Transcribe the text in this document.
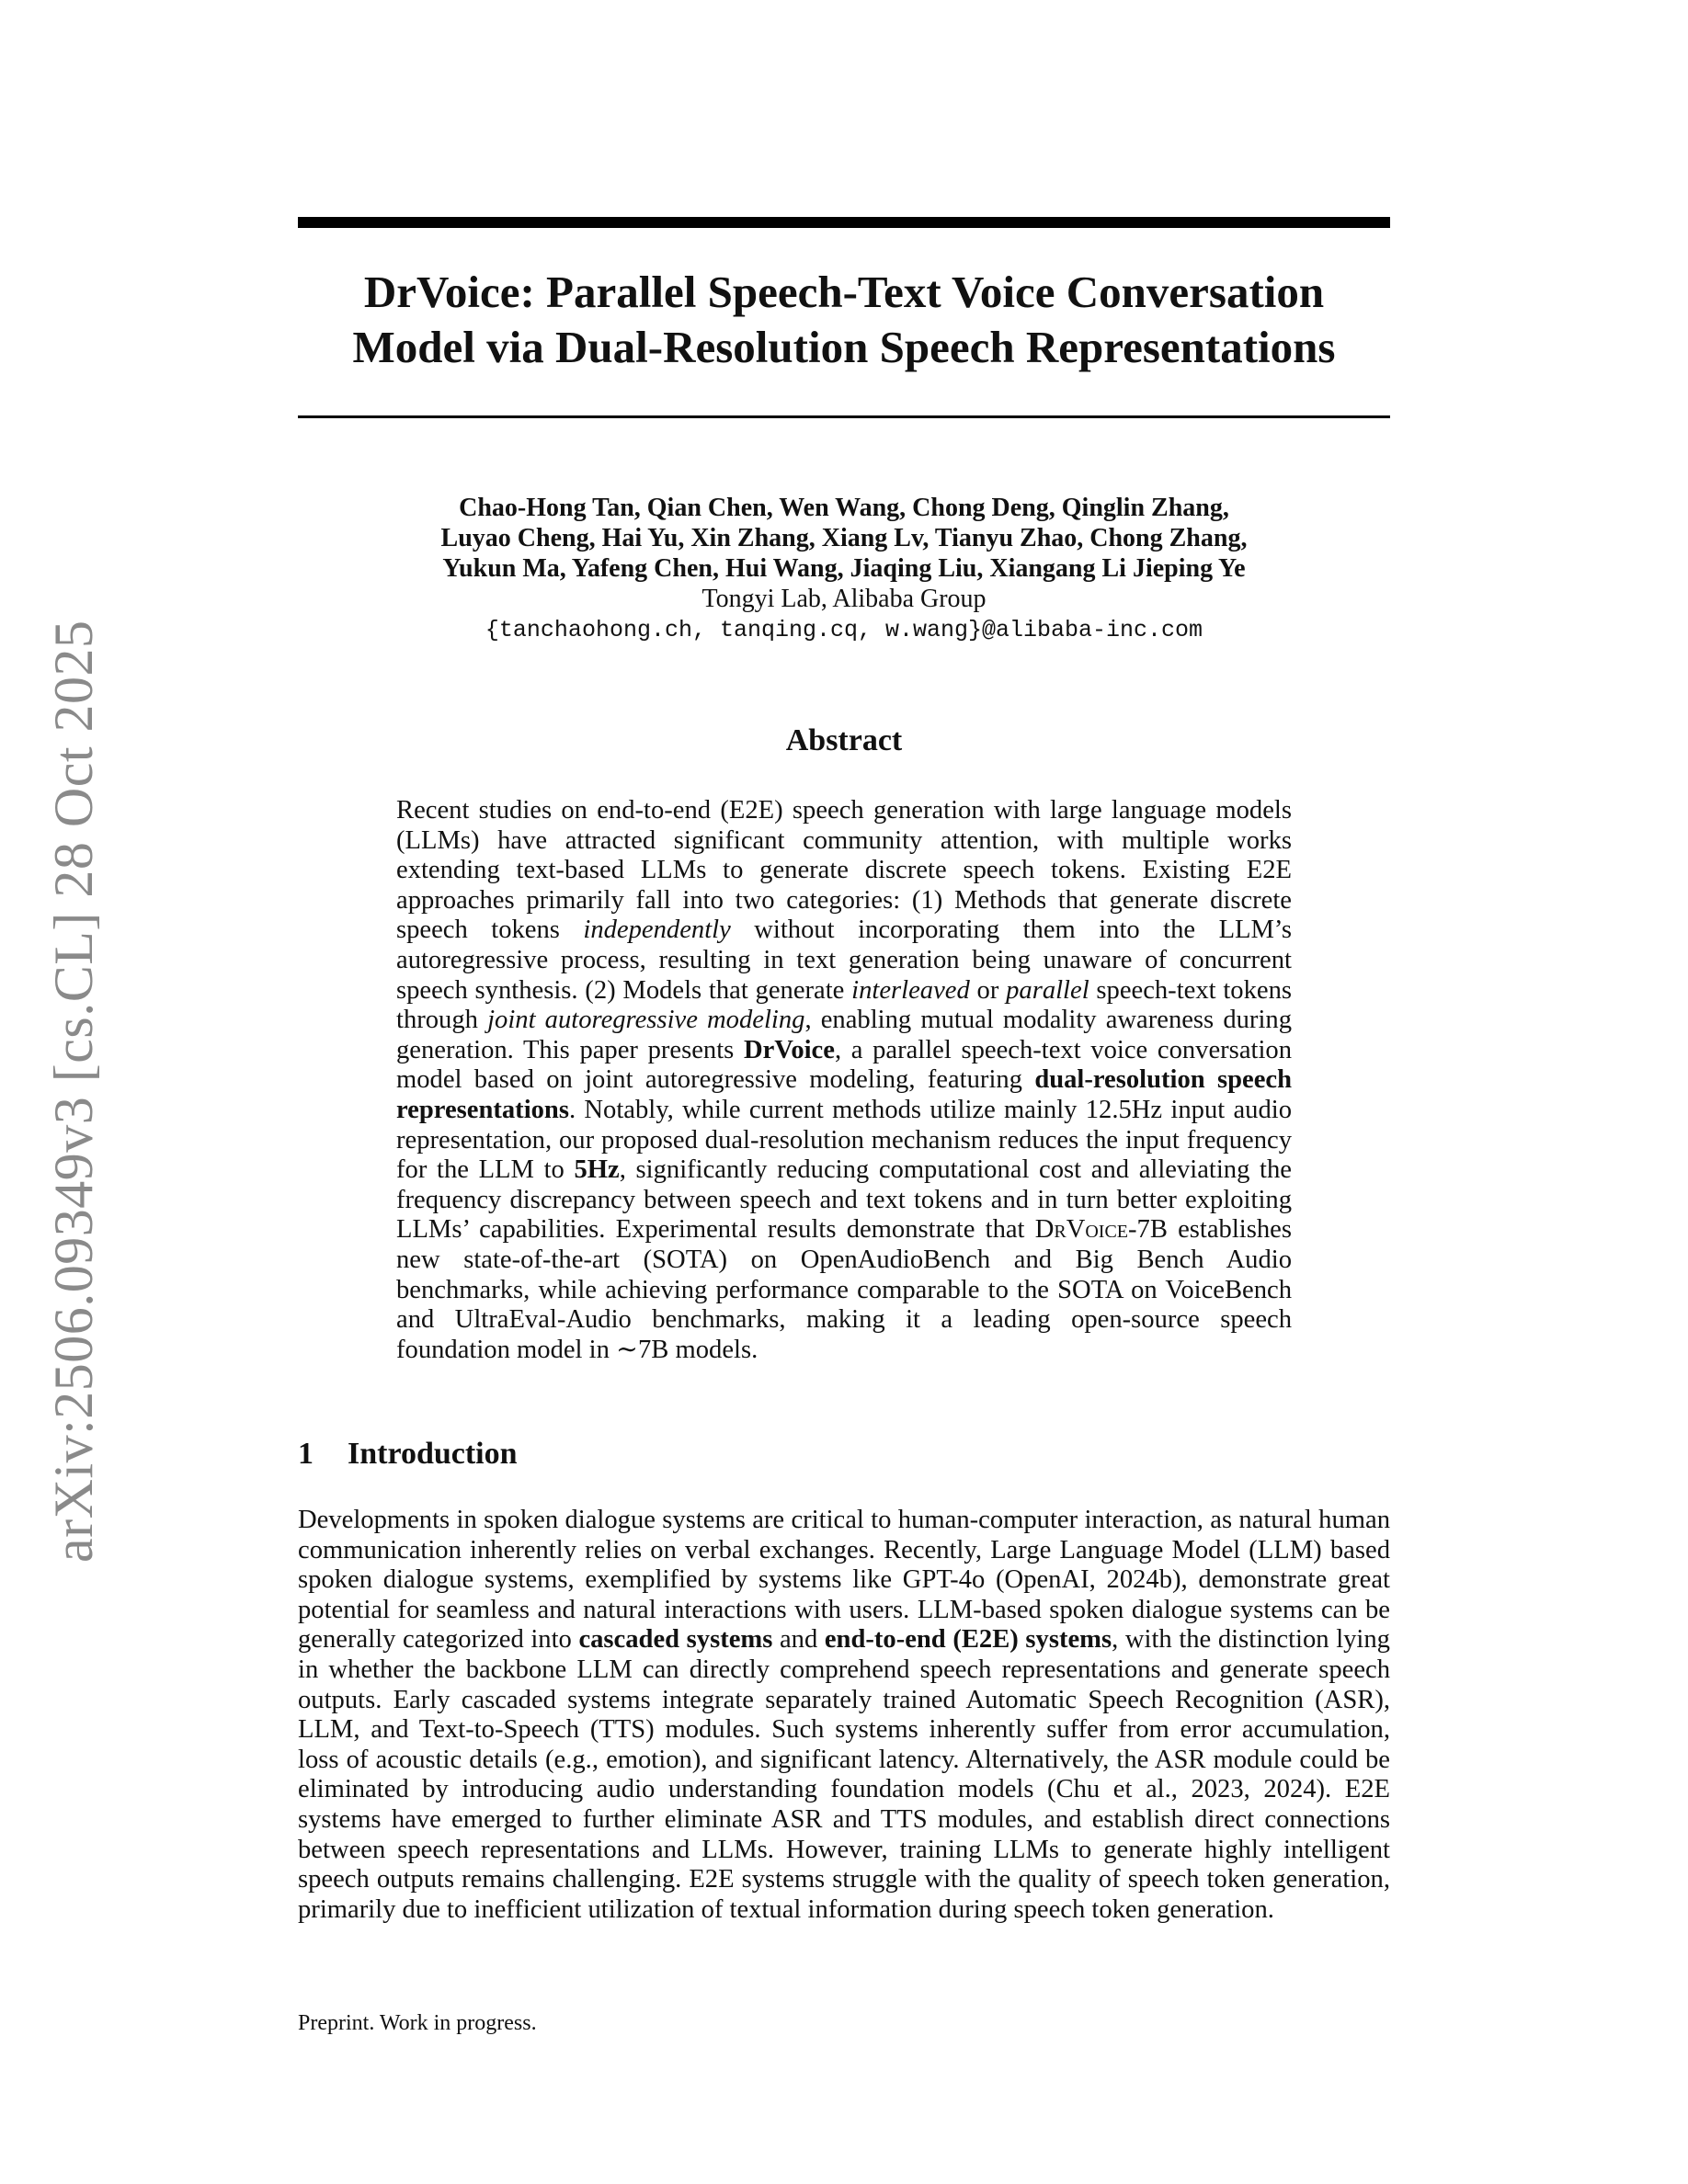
arXiv:2506.09349v3 [cs.CL] 28 Oct 2025
DrVoice: Parallel Speech-Text Voice Conversation
Model via Dual-Resolution Speech Representations
Chao-Hong Tan, Qian Chen, Wen Wang, Chong Deng, Qinglin Zhang,
Luyao Cheng, Hai Yu, Xin Zhang, Xiang Lv, Tianyu Zhao, Chong Zhang,
Yukun Ma, Yafeng Chen, Hui Wang, Jiaqing Liu, Xiangang Li Jieping Ye
Tongyi Lab, Alibaba Group
{tanchaohong.ch, tanqing.cq, w.wang}@alibaba-inc.com
Abstract

Recent studies on end-to-end (E2E) speech generation with large language models (LLMs) have attracted significant community attention, with multiple works extending text-based LLMs to generate discrete speech tokens. Existing E2E approaches primarily fall into two categories: (1) Methods that generate discrete speech tokens independently without incorporating them into the LLM’s autoregressive process, resulting in text generation being unaware of concurrent speech synthesis. (2) Models that generate interleaved or parallel speech-text tokens through joint autoregressive modeling, enabling mutual modality awareness during generation. This paper presents DrVoice, a parallel speech-text voice conversation model based on joint autoregressive modeling, featuring dual-resolution speech representations. Notably, while current methods utilize mainly 12.5Hz input audio representation, our proposed dual-resolution mechanism reduces the input frequency for the LLM to 5Hz, significantly reducing computational cost and alleviating the frequency discrepancy between speech and text tokens and in turn better exploiting LLMs’ capabilities. Experimental results demonstrate that DrVoice-7B establishes new state-of-the-art (SOTA) on OpenAudioBench and Big Bench Audio benchmarks, while achieving performance comparable to the SOTA on VoiceBench and UltraEval-Audio benchmarks, making it a leading open-source speech foundation model in ∼7B models.

1 Introduction

Developments in spoken dialogue systems are critical to human-computer interaction, as natural human communication inherently relies on verbal exchanges. Recently, Large Language Model (LLM) based spoken dialogue systems, exemplified by systems like GPT-4o (OpenAI, 2024b), demonstrate great potential for seamless and natural interactions with users. LLM-based spoken dialogue systems can be generally categorized into cascaded systems and end-to-end (E2E) systems, with the distinction lying in whether the backbone LLM can directly comprehend speech representations and generate speech outputs. Early cascaded systems integrate separately trained Automatic Speech Recognition (ASR), LLM, and Text-to-Speech (TTS) modules. Such systems inherently suffer from error accumulation, loss of acoustic details (e.g., emotion), and significant latency. Alternatively, the ASR module could be eliminated by introducing audio understanding foundation models (Chu et al., 2023, 2024). E2E systems have emerged to further eliminate ASR and TTS modules, and establish direct connections between speech representations and LLMs. However, training LLMs to generate highly intelligent speech outputs remains challenging. E2E systems struggle with the quality of speech token generation, primarily due to inefficient utilization of textual information during speech token generation.

Preprint. Work in progress.
